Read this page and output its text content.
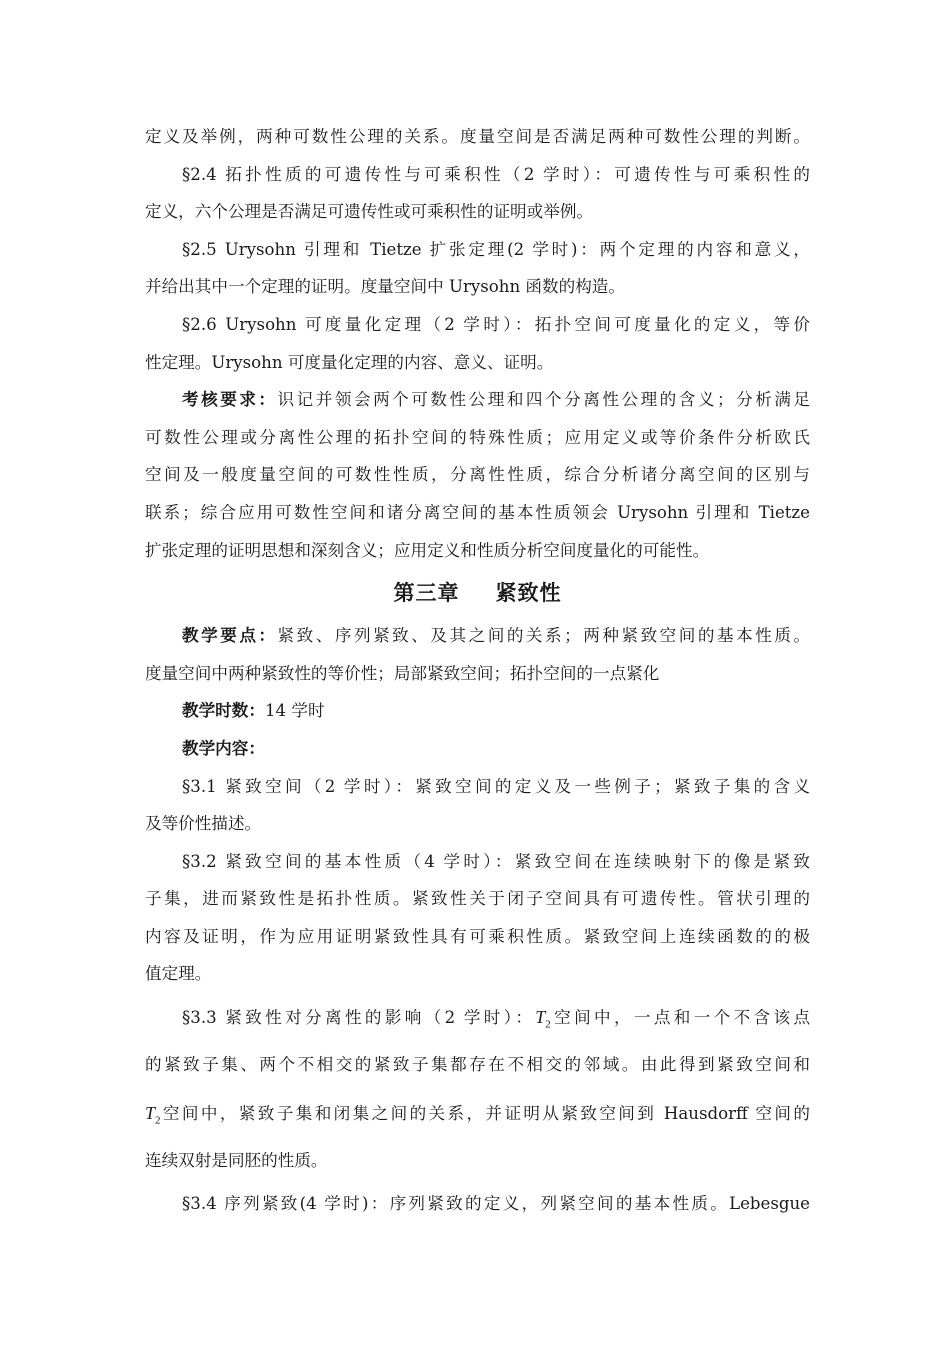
定义及举例，两种可数性公理的关系。度量空间是否满足两种可数性公理的判断。
§2.4 拓扑性质的可遗传性与可乘积性（2 学时）：可遗传性与可乘积性的
定义，六个公理是否满足可遗传性或可乘积性的证明或举例。
§2.5 Urysohn 引理和 Tietze 扩张定理(2 学时)：两个定理的内容和意义，
并给出其中一个定理的证明。度量空间中 Urysohn 函数的构造。
§2.6 Urysohn 可度量化定理（2 学时）：拓扑空间可度量化的定义，等价
性定理。Urysohn 可度量化定理的内容、意义、证明。
考核要求：识记并领会两个可数性公理和四个分离性公理的含义；分析满足
可数性公理或分离性公理的拓扑空间的特殊性质；应用定义或等价条件分析欧氏
空间及一般度量空间的可数性性质，分离性性质，综合分析诸分离空间的区别与
联系；综合应用可数性空间和诸分离空间的基本性质领会 Urysohn 引理和 Tietze
扩张定理的证明思想和深刻含义；应用定义和性质分析空间度量化的可能性。
第三章 紧致性
教学要点：紧致、序列紧致、及其之间的关系；两种紧致空间的基本性质。
度量空间中两种紧致性的等价性；局部紧致空间；拓扑空间的一点紧化
教学时数：14 学时
教学内容：
§3.1 紧致空间（2 学时）：紧致空间的定义及一些例子；紧致子集的含义
及等价性描述。
§3.2 紧致空间的基本性质（4 学时）：紧致空间在连续映射下的像是紧致
子集，进而紧致性是拓扑性质。紧致性关于闭子空间具有可遗传性。管状引理的
内容及证明，作为应用证明紧致性具有可乘积性质。紧致空间上连续函数的的极
值定理。
§3.3 紧致性对分离性的影响（2 学时）：$T_2$空间中，一点和一个不含该点
的紧致子集、两个不相交的紧致子集都存在不相交的邻域。由此得到紧致空间和
$T_2$空间中，紧致子集和闭集之间的关系，并证明从紧致空间到 Hausdorff 空间的
连续双射是同胚的性质。
§3.4 序列紧致(4 学时)：序列紧致的定义，列紧空间的基本性质。Lebesgue
